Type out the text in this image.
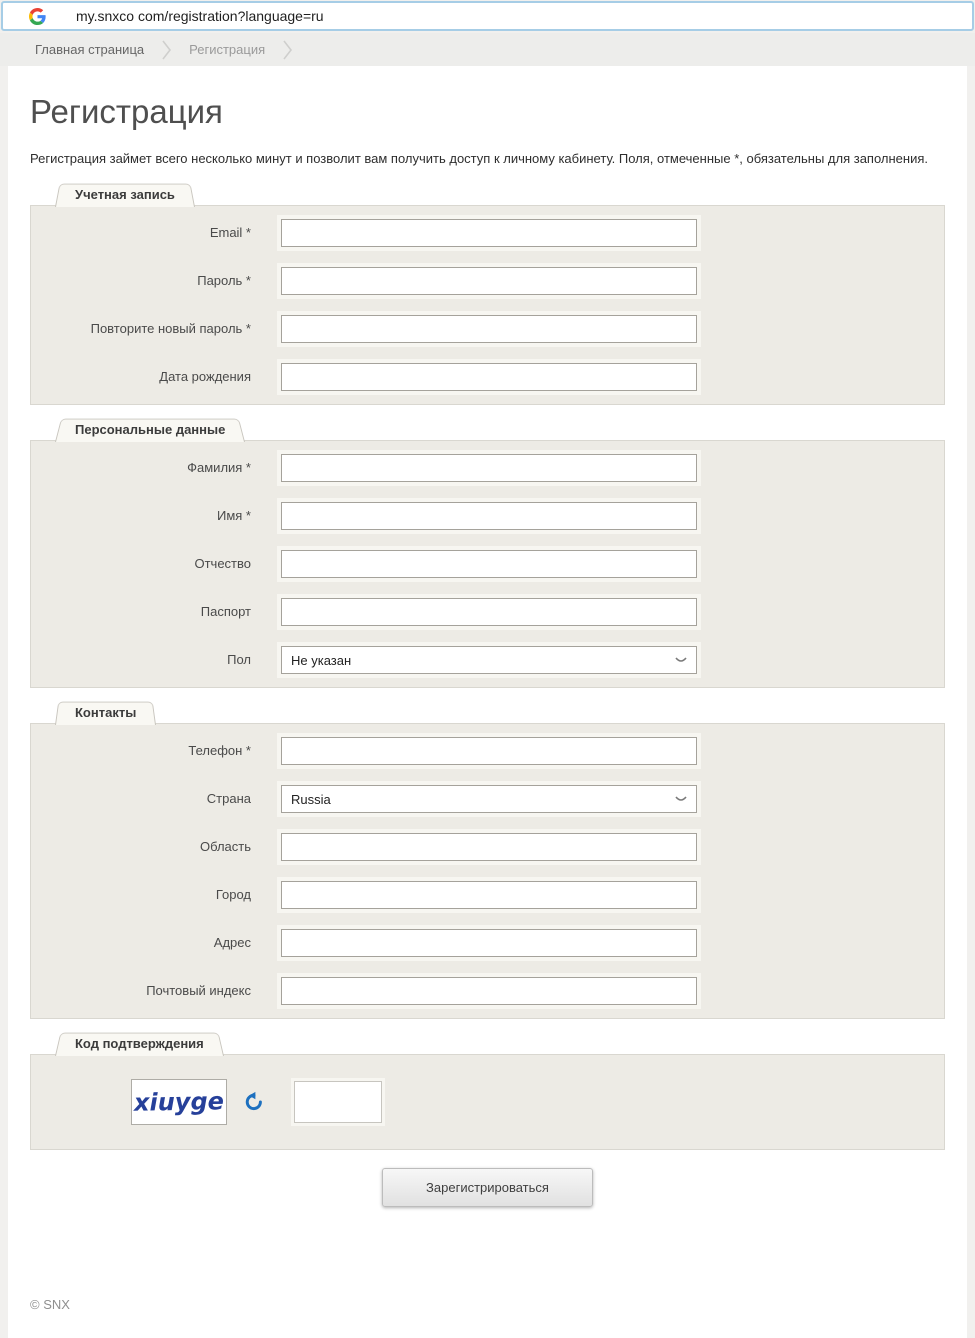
my.snxco com/registration?language=ru
Главная страница	Регистрация
Регистрация

Регистрация займет всего несколько минут и позволит вам получить доступ к личному кабинету. Поля, отмеченные *, обязательны для заполнения.

Учетная запись
Email *
Пароль *
Повторите новый пароль *
Дата рождения
Персональные данные
Фамилия *
Имя *
Отчество
Паспорт
Пол	Не указан
Контакты
Телефон *
Страна	Russia
Область
Город
Адрес
Почтовый индекс
Код подтверждения
xiuyge
Зарегистрироваться
© SNX
